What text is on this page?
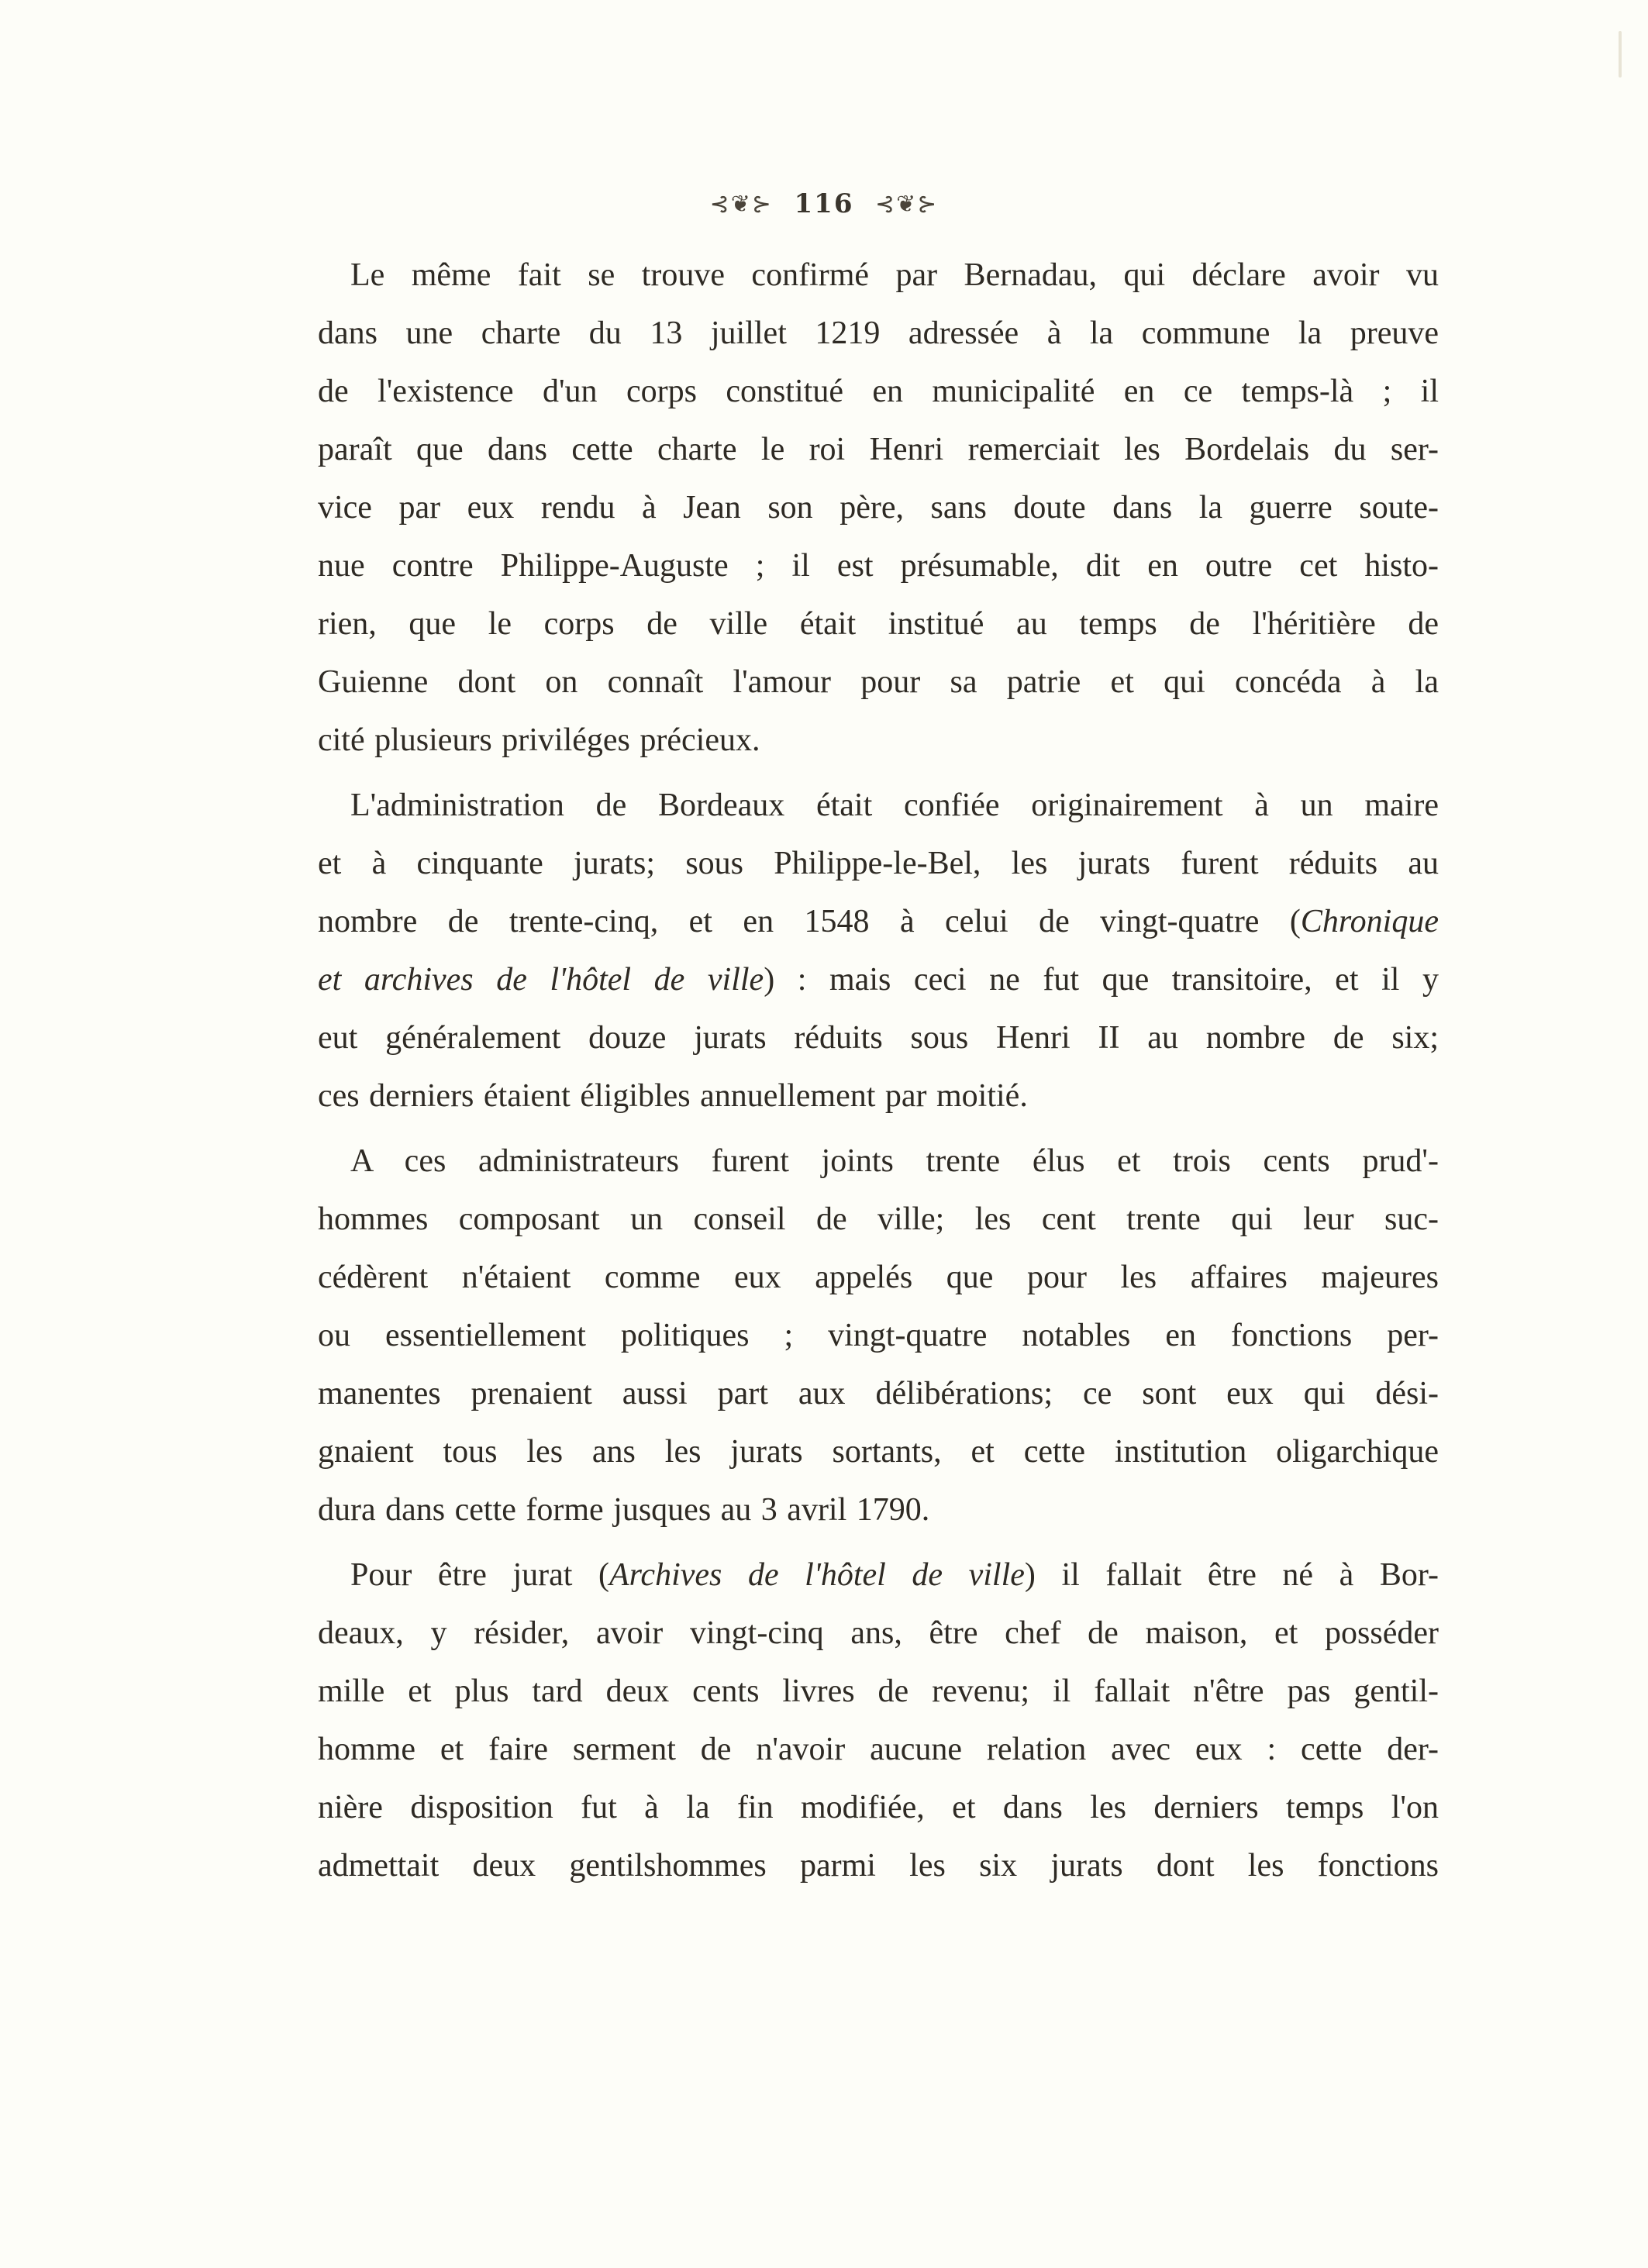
⊰❦⊱ 116 ⊰❦⊱
Le même fait se trouve confirmé par Bernadau, qui déclare avoir vu
dans une charte du 13 juillet 1219 adressée à la commune la preuve
de l'existence d'un corps constitué en municipalité en ce temps-là ; il
paraît que dans cette charte le roi Henri remerciait les Bordelais du ser-
vice par eux rendu à Jean son père, sans doute dans la guerre soute-
nue contre Philippe-Auguste ; il est présumable, dit en outre cet histo-
rien, que le corps de ville était institué au temps de l'héritière de
Guienne dont on connaît l'amour pour sa patrie et qui concéda à la
cité plusieurs priviléges précieux.
L'administration de Bordeaux était confiée originairement à un maire
et à cinquante jurats; sous Philippe-le-Bel, les jurats furent réduits au
nombre de trente-cinq, et en 1548 à celui de vingt-quatre (Chronique
et archives de l'hôtel de ville) : mais ceci ne fut que transitoire, et il y
eut généralement douze jurats réduits sous Henri II au nombre de six;
ces derniers étaient éligibles annuellement par moitié.
A ces administrateurs furent joints trente élus et trois cents prud'-
hommes composant un conseil de ville; les cent trente qui leur suc-
cédèrent n'étaient comme eux appelés que pour les affaires majeures
ou essentiellement politiques ; vingt-quatre notables en fonctions per-
manentes prenaient aussi part aux délibérations; ce sont eux qui dési-
gnaient tous les ans les jurats sortants, et cette institution oligarchique
dura dans cette forme jusques au 3 avril 1790.
Pour être jurat (Archives de l'hôtel de ville) il fallait être né à Bor-
deaux, y résider, avoir vingt-cinq ans, être chef de maison, et posséder
mille et plus tard deux cents livres de revenu; il fallait n'être pas gentil-
homme et faire serment de n'avoir aucune relation avec eux : cette der-
nière disposition fut à la fin modifiée, et dans les derniers temps l'on
admettait deux gentilshommes parmi les six jurats dont les fonctions
